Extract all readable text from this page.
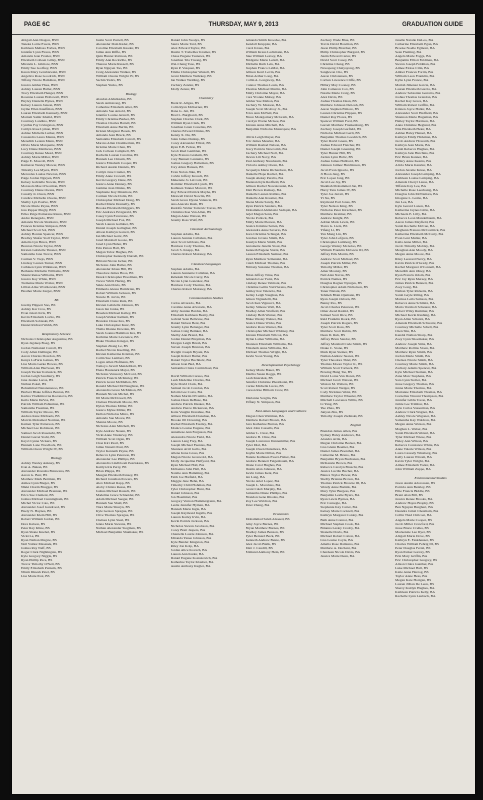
PAGE 6C	THURSDAY, MAY 9, 2013	GRADUATION GUIDE
Abigail Ann Dragon, BSN
Taneka Lottie Ewers, BSN
Kathleen Melissa Forbes, BSN
Jennifer Lynn Flores, BSN
Amanda Jean Frazier, BSN
Elizabeth Colleen Gilley, BSN
Miranda L. Gilmore, BSN
Emily Sue Godfrey, BSN
Karen Mary Golabiewski, BSN
Angelica Rose Goodrich, BSN
Tiffany Nicole Hamilton, BSN
Jessica Amber Hass, BSN
Ashley Lauren Haller, BSN
Tracy Elizabeth Hengel, BSN
Rosanne Lauren Hollowell, BSN
Hayley Danielle Hynes, BSN
Kelsey Lauren Janson, BSN
Jayme Ellen Kauffman, BSN
Lauren Elizabeth Kennedy, BSN
Mariam Samir Khalid, BSN
Courtney Landino, BSN
Cynthia Fay Livingston, BSN
Caitlyn Rose Lyman, BSN
Ashlee Michelle Luther, BSN
Cassandra Laura Manns, BSN
Meredith LeAnn Mann, BSN
Olivia Marie Marquette, BSN
Lucy Diane Matthews, BSN
Courtney Renee Mead, BSN
Ashley Marie Miller, BSN
Paige E. Moscoll, BSN
Kameron Wesley Mower, BSN
Timothy Lee Myers, BSN
Mercedes Louise Newton, BSN
Paige Jordan Nguyen, BSN
Kelsey Gabrielle Nowak, BSN
Morasola Mae O'Gorman, BSN
Courtney Diane Owens, BSN
Cassidy Jo Owen, BSN
Candice Michelle Owens, BSN
Shelby Lyn Paulve, BSN
Nicole Marie Payne, BSN
Jess Pepper Pingly, BSN
Erika Paige Pomerene Rauss, BSN
Andre Renegado, BSN
Amanda Nicole Shabiarra, BSN
Frances Kristine Simpson, BSN
Michael Scott Sol, BSN
Ashley Bonnie Spencer, BSN
Bradley Shafer Stoll Taylor, BSN
Amelia Lyn Bruce, BSN
Brenton Nicole Taylor, BSN
Kirsten Gabrielle Tinsner, BSN
Samantha Jane Trevor, BSN
Carmen V. Trejo, BSN
Lindsay Lauren Turner, BSN
Cathleen Lynn Wilkinson, BSN
Bethanie Michelle Williams, BSN
Shanté Renae Williams, BSN
Jessica Kay White, BSN
Tremaine Marie Wolter, BSN
Lillian Alise Wroblewski, BSN
Heather Marie Zerger, BSN

BS
Jeremy Hippert Sno, BS
Ashley Kar Cros, BS
Evan Jakob Kvis, BS
Kevin Elizabeth Lovito, BS
Elizabeth Sobieski, BS
Daniel Richard Wehh, BS

Respiratory Science
Nicholas Christopher Augustine, BS
Ryan Jagdeep Boag, BS
Jordan Nathaniel Carroll, BS
Cody Allen Dellinger, BS
Aaron Charles Dowdon, BS
Kenya LaFarie Gaines, BS
Lisa Maria Gerke Howes, BS
William Alan Hurlwaet, BS
Joseph Tucker Kobasick, BS
Jordan Leigh Saudlarry, BS
Jane Jeanne Lucas, BS
Nathan Pokal, BS
Bohammad Nanananesoo, BS
Herbert Blake Jeffries Benton, BS
Karina Vladimirovna Rozonova, BS
Keila Marie DeVos, BS
Patrick William Eshleman, BS
Samantha Freeman, BS
William Taylor Moore, BS
Andrea Irene Michaels, BS
Marvin Mohamed Norman, BS
Kamen Tyler Patterson, BS
Michael Lee Robinson, BS
Samuel Jacob Rosenaht, BS
Daniel Garret Stahl, BS
Kayci Lynne Vickers, BS
Hannah Lane Woodlock, BS
William Owen Wright IV, BS

Biology
Ashley Wesley Ankney, BS
Ivan A. Bakan, BS
Alexander Ravesha Balawana, BS
Aaron G. Barr, BS
Matthew Mark Bettman, BS
Aimee Lynn Bieger, BS
Nikki Charm Brugger, BS
Alexander Michael Brennan, BS
Erica Sue Clement, BS
Joshua Michael Cunningham, BS
Michel Victor Cato, BS
Alexander Josef Gandrood, BS
Haely N. Haynes, BS
Alexander Klein Hill, BS
Robert William Jordan, BS
Dora Kalson, BS
Peter Ray Kline, BS
Ryan Shane Knebel, BS
Vicki Le, BS
Ryan Nathan Magaw, BS
Neil Valdez Masanek, BS
Joshua Ray Neff, BS
Roger Clark Nightingale, BS
Kyle Gregory Niggle, BS
Ryan Phillip Pace, BS
Trevor Timothy O'Neil, BS
Emily Elizabeth Putnam, BS
Nilam Dinesh Patel, BS
Lisa Marie Post, BS
Justin Scott Purtell, BS
Alexander Dain Rader, BS
Caroline Elizabeth Reader, BS
Jamie Ann Riffle, BS
Quin Hunter Robison, BS
Emily Ann Rockville, BS
Theresa Marie Russell, BS
Ryan Nguyen Tao, BS
Craig Alexander Walker, BS
William Owens Wright IV, BS
Sachin Yadav, BS
Stephen Yurko, BS

Biology
Alasdan Abdulkadua, BS
Sarah Armstrong, BS
Catherine Elizabeth Alter, BS
Amanda Sue Arnold, BS
Jennifer Louise Avarell, BS
Emily Christine Barker, BS
Thomas Charles Bartell, BS
Elizabeth Anne Berlin, BS
Kristen Margaret Bosek, BS
Amanda Jean Bruck, BS
Samantha Elizabeth Carroll, BS
Marcus Allen Chamberlain, BS
Kristine Marie Chen, BS
Jack Colleen Campbell, BS
Rachelle Lauren Caroline, BS
Hannah Lee Chisam, BS
Jessica Elizabeth Cooper, BS
Richard Austin Daniels, BS
Caitlyn Jane Cramer, BS
Emily Anne Crowell, BS
Kevin Gregory Dane, BS
Jessica Anne Denney, BS
Jasmine Jean Dinius, BS
Stephanie Kay Dinsmore, BS
Carmen Nicole Dolin, BS
Christopher Michael Dong, BS
Rachel Marie Donnelly, BS
Brooke Elizabeth Driggers, BS
Eric Andrews Ertzgerald, BS
Casey Lynn Everstone, BS
Joseph Michael Fox, BS
Sarah Lauren Gallaher, BS
Daniel Joseph Gallagher, BS
Alison Kathryn Garrett, BS
Ian Michael Gertz, BS
Jared Marshall Gooze, BS
Jared Lynn Huber, BS
Erin Patton Hall, BS
Megan Tabor Hughes, BS
Christopher Kennedy Durrell, BS
Brittani Nicole Ischer, BS
Nicholas John Haller, BS
Alexander Klaus Hill, BS
Theodore James Hoos, BS
Derek Christopher Hoodman, BS
Trevor Wirth Hering, BS
Sakie Ann Davis, BS
Emmeria Alessa Hambrian, BS
Robert William Jackson, BS
Nancie H. Jervis, BS
Elizabeth Claire Ruiz, BS
Kirsten Gabrielle Johnson, BS
Jason Ian Jonke, BS
Braeden Michael Kelley, BS
Joseph Walker Kellum, BS
Brandon Chase Kra, BS
Luke Christopher Kurz, BS
Thalia Dianne Dowden, BS
Sarah Joanna Hamilton Kra, BS
Kathrine Marie Lawrence, BS
Blake Thomas Krieger, BS
Stephen Zhang Le, BS
Rachel Nicole Kuelling, BS
Kirsten Katherine Kristian, BS
Catlin Sue Lambert, BS
Logan Allen Hofmann, BS
Tomoyo Jarvell Mendelblatt, BS
Elena Haunsterk Major, BS
Nicholas Vanwerry McCord, BS
Patrick Francis McKinley, BS
Patrick Grant McMullen, BS
Ronald Michael McNaughton, BS
Alexandra Grace McMahon, BS
Hannah Nicole Michel, BS
Jill Marie McDowell, BS
Chelsea Elizabeth Moore, BS
Dylan Thomas Miller, BS
Jessica Mylee Miller, BS
Dellon Nicholas Mirro, BS
Amanda Sue Moore, BS
Shanna Moore, BS
Nicholas Alan Mitchell, BS
Kyle Andrew Neuen, BS
Vicki Anne Vinderwy, BS
William Scott Ogan, BS
Chaz Kirt Pearl, BS
Jamie Nanetti Paul, BS
Taylor Kenneth Payne, BS
Rebecca Lynn Peterson, BS
Alexander Lee Phillips, BS
Alexandra Lindbloom Peariskass, BS
Kaitlyn Iris Perry, BS
Brian Phipps, BS
Meagan Elizabeth Pansey, BS
Richard Jonathan Powers, BS
Alex Michael Rapp, BS
Aloby Christa Reese, BS
Joshua Michael Rausch, BS
Madeline Grace Schneider, BS
Adam Michael Seeger, BS
Hannah Sue Shull, BS
Tiara Marie Shuryn, BS
Kyle Gerson Sprague, BS
Clive Thomas Sprague, BS
Chelsea Lynn Steel, BS
Jenna Marie Stevens, BS
Nathan Alexander Stegman, BS
Michael Benjamin Shumaker, BS
Daniel John Swaiya, BS
Sierra Marie Tard, BS
Alex Edward Taylor, BS
Dustin T. Trebelhor Kramer, BS
Chase Eugene Tsunawa, BS
Jonathan Tria Truong, BS
Wei-Cheng Tsao, BS
Ryan P. Vasquez, BS
Emma Christopher Wastell, BS
Grant Matthew Wehrkey, BS
Ian Walker Welding, BS
Zachary Zender, BS
Molly Zetzer, BS

Chemistry
Brent R. Allgau, BS
Colin Ryan McKerner, BS
Dane G. Jett, BS
Brad L. Burghardt, BS
Stephen Charles Clark, BS
William Ryan Clark, BS
Jonathan Grant Conelias, BS
Charles Edward Dinius, BS
Kenny X. Du, BS
Jalen James Dunlap, BS
Corey Alexander Elliott, BS
Ryan E.B. Felton, BS
Jacob Ried Gamblen, BS
Kyle Frances Graham, BS
Cary Bennett Lannutta, BS
Joshua Gregory Halteman, BS
Tory Allen Hansen, BS
Evan Nolan Jlike, BS
Calvin Jeffery Krouch, BS
Makenzie Jo LaCroix, BS
Dominic Elizabeth Lynch, BS
Kathleen Tanner Marcott, BS
Roy Edward Patrick Mayhe, BS
Maxwell David Nowlin, BS
Sarah Grace Dyana Valencia, BS
Ana Anacela Rush, BS
Rudolfo Walter Tomovic Torres, BS
Christina Kae Van Allen, BS
Megan Anne Watson, BS
Jeremy Ross Wulf, BS

Classical Archaeology
Stephen Adams, BA
Lauren Jeannie Callahan, BA
Alex Scott Gibbons, BA
Harrison Cody Thomas, BA
Jacob S. Knapp, BA
Charles Robert Maloney, BA

Classical Languages
Stephen Adams, BA
Lauren Jeannette Callahan, BA
Rebekah Nicole Curry, BA
Nicole Lynn Gonzalez, BA
Harrison Cody Thomas, BA
Charles Robert Maloney, BA

Communication Studies
Carlos Alvarado, BA
Caroline Anne Alvarado, BA
Abby Jeannie Bardus, BA
Elizabeth Kathleen Beatty, BA
Gabriel Sean Bellevue, BA
Daniel Nelson Bent, BA
Jeremy Lynn Belanger, BA
Joshua Craig Bemker, BA
Shelby Ann Brand, BA
Jordan Daniel Brayman, BA
Morgan Leigh Brush, BA
Steven Joseph Brunton, BA
Dwight Joseph Bryant, BA
Joseph Robert Butler, BA
Daniel Taylor Buchholz, BA
Alison Jean Bud, BA
Samantha Claire Carmichael, BA

David William Caruso, BA
Leah Madeline Charles, BA
Kyle David Clark, BA
Samuel Jacob Condon, BA
Kristin Lee Costa, BA
Nathan Martin D'Camilo, BA
Joshua Dean DeBuse, BA
Andrew Patrick Dusker, BA
Andrew Pierce Dickerson, BA
Katie Vaughn Donahue, BA
Allison Elizabeth Donahue, BA
Brooke Jill Downing, BA
Rachel Elizabeth Eastley, BA
Monica Louise Eugene, BA
Annaliese Ann Ferguson, BA
Alexandra Nicole Field, BA
Lauren Lang Frey, BA
Joseph Michael Fuentes, BA
Shannon Avril Gallo, BA
Allena Irene Gross, BA
Megan Nicole Gronwold, BA
Molly Jacqueline Halfyard, BA
Ryan Michael Hall, BA
McKenna John Hall, BA
Natalie Ann Hamming, BA
Faith Joe Hatfield, BA
Maggie Jane Hehn, BA
Timothy Child Hohman, BA
Tyler Christopher Hunt, BA
Daniel Johnson, BA
Jon Hoemmel, BA
Gregory Vernon Hammergrenn, BA
Leslie Jennifer Hyman, BA
Hannah Marie Ingle, BA
Joseph Raymond Ingalls, BA
Lauren Karley Irvin, BA
Kevin Patrick Jackson, BA
Nicholas Steven Jacobson, BA
Corey Brett Jaspers, BA
Chantelle Laurie Johnson, BA
Miranda Yanee Johnson, BA
Kyle Bender Kingston, BA
Riley Jon Kolp, BA
Jordan Alice Kovach, BA
Lauren Ann Kuder, BA
Daniel Eugene Kostukovich, BA
Katherine Taylor Klauber, BA
Austin Anthony Kugler, BA
Amanda Smith Kroecke, BA
Kendall Kruppler, BA
Carol Kraus, BA
William Kraus Lachmann, BA
Jake William Leavey, BA
Bridgette Marie Ledell, BA
Michelle Ruth Leis, BA
Stephen Franco LeMat, BA
Allison Kerri Levin, BA
Brian Arthur Long, BA
Collin A. Longsway, BA
Connor Thomas Louis, BA
Thomas Michael Martin, BA
Emily Christine Mayer, BA
Cara Yvonne Mabey, BA
Amber Sue Mahon, BA
Zachary W. Maxson, BA
Joseph Scott McAvoy Jr., BA
Erica Ann McNeil, BA
Bruce Montgomery McGrath, BA
Carolyn Worne McGee, BA
Kirsten Anna Mitchell, BA
Benjamin Nicholas Muterspaw, BA

Olivia Leigh Meyer, BA
Eric James Meszler, BA
William Rashad Nelson, BA
Stacy Patricia Newcomb, BA
Zachary Michael Noll, BA
Devan Lili Novy, BA
Paul Anthony Nussbaum, BA
Victoria Ashley Owen, BA
Jacquelyn Marie Richardson, BA
Danielle Hope Rachel, BA
Joseph Aleksy Peralta, BA
Brennan Kyle Redfield, BA
Allison Rachel Nowakowski, BA
Matt Brown Ramsey, BA
Danielle Lauren Rollins, BA
Danielle Ann Rossiter, BA
Shena Marie Sandy, BA
Ryan Patrick Sanders, BA
Mohammed Abdulaziz Sadiqah, BA
Arjel Megan Senn, BA
Nicole Pollock, BA
Emily Marie Pierson, BA
Jessica Kristine Setten, BA
Alexandra Anne Saverio, BA
Kara Christina Schlegel, BA
Sondrea Jovana Smith, BA
Katelyn Marie Smith, BA
Antoinette Janelle Stout, BA
Kenneth Eugene Sturtz, BA
Lauren Elizabeth Sumner, BA
Ryan Matthew Szmanski, BA
Caleb Michael Thomas, BA
Brittany Suzanne Thomas, BA

Brian Jeffrey Trine, BA
Amanda Lee Twist, BA
Lindsay Renee Valmont, BA
Christine Gelila VanVlerena, BA
Ashley Kar Valencia, BA
Kelley Leigh Vaughan, BA
Alison Vignudelli, BA
Jacob Ken Vignucci, BA
Kelley Simone Wall, BA
Bradley Allen Warfield, BA
Lindsay Beth Warner, BA
Blake Wesley Weiner, BA
Jessica Diane Wicks, BA
Andrew Ross Werner, BA
Christopher Michael Whitney, BA
Kirsten Elizabeth Wilcox, BA
Dylan Lamar Williams, BA
Shannon Elizabeth Williams, BA
Elizabeth Anna Williams, BA
Michael Thomas Wright, BA
Kevin Soon Young, BA

Developmental Psychology
Kelsey Marie Bauer, BS
Martha Susan Rogge, BS
Leah Knarulek, BS
Jennifer Christine Pheabloski, BS
Carlee Michelle Lucas, BS
Carson Rae Hilliom Crow, BS

Marianna Scaglia, BA
Tiffany N. Simpson, BA

East Asian Languages and Cultures
Megan Chen Wattman, BA
Matthew Robert Brown, BA
Sara Katharine Burton, BA
Alex John Cassells, BA
Amber L. Clear, BA
Andrew B. Cline, BA
Joseph Lawrence Dannemiller, BA
Tyler Dial, BA
Joseph Owen Dunsmore, BA
Kaylin Marie Dillon, BA
Bonnie Kathleen Ewert-Fisher, BA
Andrew Bennett Feigenbaum, BA
Diane Carol Hughes, BA
Dustin Alan Johnson, BA
Kevin James Kent, BA
Ian Lang, BA
Nicole Ariel Lopez, BA
Joseph L. Macaluso, BA
Grant Caleb Murphy, BA
Samantha Diane Phillips, BA
Brandon Gene Rhodes, BA
Roy Lee Waldron, BA
Peter Zhang, BA

Economics
Mohammad Saleh Alsaeed, BS
Amy Joyce Barnes, BS
Bryan Matthew Barnes, BS
Bradley James Benson, BS
Tyler Bernard Beck, BS
Kenneth Andrew Beute, BS
Alex Jacob Bialk, BS
Matt J. Caudill, BS
Edmund Anthony Hein, BS
Zachary Wade Blue, BS
Travis David Bowman, BS
Jason Philip Bratcher, BS
Philip Christopher Burgard, BS
Justin Edward Carter, BS
David Scott Casey, BS
Christine Chang, BS
Nawapong Chaiyayong, BS
Sangkwon Cho, BS
Aaron Christensen, BS
Corban Lawrence Cliffe, BS
Hillary May Cooney, BS
John Cameron Cox, BS
Natalie Marie Craig, BS
Alex Davis, BS
Joshua Thomas Dean, BS
Matthew Johnson DeLosh, BS
Aaron Stephen Elmore, BS
Lauren Christine Flippen, BS
Daniel Ray Flores, BS
Spencer William Ford, BS
Garrett Matthew Frankenburg, BS
Zachary Joseph Garfield, BS
Nicholas Michael Gerli, BS
Benjamin Thomas Goodrich, BS
Tyler David Green, BS
Joshua Edward Fletcher, BS
Daniel Joseph Greening, BS
Tyler Hunter Hill, BS
Jordan Lynn Holtz, BS
Joshua James Hubbard, BS
Johnson Jaimez Hutchinson, BS
Jacob Evan Ignacio, BS
Ji Hoon Jang, BS
Eric Lopez Jang, BS
Jacob Lee Jay, BS
Shekhah Mohammed Jan, BS
Harry Tutu James IV, BS
Tyler Joe Jarrett, BS
Yi Xu, BS
Raymond Earl Jones, BS
Tyler Nelson King, BS
Nicholas Peter Kirschner, BS
Matthew Kraimer, BS
Andrew Knight, BS
Adrian Mark Lewis, BS
Tiarra G. Lietz, BS
Yifeng Li, BS
Yan Mang Lin, BS
Tyler John Lofgren, BS
Christopher Lumberg, BS
George Wesley McAdoo, BS
William Franklin McGrew III, BS
Jeffrey Erik Martin, BS
Andrew Scott Michael, BS
Joseph Patrick Miller, BS
Timothy Miller, BS
Amar Moanzy, BS
Neil Alan Navas, BS
Patrick Nemes, BS
Douglas Ragnar Nyerges, BS
Christopher Adam Nicholson, BS
Taner Nistani, BS
Tehmeh Blain Ojemann, BS
Ryan Joseph Osborn, BS
Benny Pao, BS
Jacob Charles Peterson, BS
Omar Awad Rashid, BS
Samuel Scott Rice, BS
Reid Franklin Roark, BS
Joseph Patrick Rogers, BS
Tyler Scott Ross, BS
Matthew Scott Rubin, BS
Dean D. Ruh, BS
Jeffrey Brien Sandor, BS
Jeffrey Marshall Cade Smith, BS
Drake C. Stone, BS
Mark Ryan Steiner, BS
Nathan Andrew Suarez, BS
Tyler Theodore Thiel, BS
Thomas Moore Taylor Jr., BS
William Scott Torbeck, BS
Bowing Hung Tse, BS
David Lorne Van Doren, BS
Michael Jacob Watson, BS
Weston M. Walters, BS
Scott Robert Weiger, BS
Cody Nicklaus Weist, BS
Matthew Taylor Wheeler, BS
Mitchell Lawrence Willis, BS
Li Yang, BS
Yue Zhao, BS
Junyan Zhu, BS
Timothy Joseph Zielinski, BS

English
Brendan James Allen, BA
Sydney Haley Andrews, BA
Alondra Avila, BA
Megan Christine Becker, BA
Lisa Glenn Beemer, BA
Daniel James Boenthal, BA
Catherine M. Bruno, BA
Benjamin Bryan Buchanan, BA
McKenzie Brown, BA
Rebecca Carolyn Bruschi, BA
Jessica Lucille Bucher, BA
Bianca Taylor Bower, BA
Shelby Brianne Brown, BA
Thomas Patrick Browne III, BA
Wendy Anne Budzik, BA
Mary Tyler Burgess, BA
Benjamin Leslie Byers, BA
Ryan Lewis Byrnes, BA
Eric Carnegie, BA
Stephanie Kay Carter, BA
Kelsey Marie Cockrell, BA
Kathryn Margaret Conley, BA
Beth Anne Connor, BA
Michael Stephen Cook, BA
Brianna Lesley Crosby, BA
Shanelle Davis, BA
Michael Robert Cotton, BA
Lisa Louise Coyle, BA
Amalia Rose Damiano, BA
Matthew A. Dechant, BA
Chardeen Nicole Davis, BA
Jessica Marie Dean, BA
Janelle Natalie DeLeo, BA
Catherine Elizabeth Egan, BA
Brooke Noelle Egmont, BA
Sean Fleming, BA
Angela Marie Foggs, BA
Benjamin Elliott Feldman, BA
Steven Joseph Feldman, BA
Aimee Eloise Cilin, BA
Amber Frances Fortin, BA
William Leon Franklin, BA
Kylie Lynn France, BA
Mariah Jimenez Garcia, BA
Lauren Elizabeth Garcia, BA
Andrew Sebastian Gerretta, BA
Joshua Thomas Grandon, BA
Rachel Kay Grace, BA
William Robert Griffin, BA
Kristen Joyce Haller, BA
Alexander Scott Hadfield, BA
Shannon Marie Hageman, BA
Hailey Taylor Harrison, BA
Anna Christine Hegland, BA
Nita Elizabeth Heier, BA
Ashlee Haley Hensel, BA
Kathryn Emily Hickman, BA
Jacob Andrew Howarth, BA
Kathryn Jean Marie, BA
Sarah Rebecca Hughes, BA
Kathryn Jade Hutchins, BA
Eric Brian Kanner, BA
Hillary Anne Kearns, BA
Alicia Marie Kanzler, BA
Jordan Jerome Kruse, BA
Alexander Joseph Lamping, BA
Kathleen Louise Lamping, BA
Amanda Cheryl Lausa, BA
Tiffanie Kay Lee, BA
Michelle Rose Leerhonig, BA
Douglas John McNamara, BA
Imogene L. Leslie, BA
Jun Lee, BA
Kyle Gerard Lonon, BA
Katherine Jaynes Little, BA
Michaela E. Lilly, BA
Rebecca Leon Mandelbaum, BA
Aaron James Mayfield, BA
Sarah Rochelle McCue, BA
Meghann Frances McCormick, BA
Katherine Elizabeth McCarty, BA
Evan Lent Muller, BA
Kaila Anne Miller, BA
Jacob Timothy Mobley, BA
Meaghan Ann Moody, BA
Megan Anne Moore, BA
Riley Leonard Nervy, BA
Kevin Patrick O'Grady, BA
Rachel Margaret O'Connell, BA
Meredith Ann Olney, BA
Ryan Francis Odom, BA
Eric Jay Ryan Mersey, BA
James Patrick Bennett, BA
Zoey Long, BA
Nathan Tyler Ricketts, BA
Sarah Gayle Riling, BA
Marissa Leila Samson, BA
Rebecca Anne Schmitz, BA
Maria Vornholt Scheurer, BA
Robert Wiley Rummer, BA
Michael Kevin Rushing, BA
Ryan Allan Schantz, BA
Amanda Elizabeth Schwartz, BA
Courtney Michelle Schell, BA
Chen Shu, BA
Kendal Nathan Sharp, BA
Zoey Lynn Shoemaker, BA
Andrew Joseph Sims, BA
Matthew Rollins Sloan, BA
Matthew Ryan Smith, BA
Jordan Marie Smith, BA
Chelsea Nicole Smith, BA
Courtney Marie Smith, BA
Zachary Adams Spencer, BA
Kyle Michael Stemen, BA
Zane Marc Stephens, BA
Sara Lynn Stoller, BA
Jesse Gregory Thomas, BA
Jenna Marie Thomas, BA
Marianne Elizabeth Thomas, BA
Cornelius Vincent Thompson, BA
Jennifer Gibbs Toron, BA
Jamie Lee Trimbur, BA
Kyle Carlos Vasserman, BA
Andrew Clark Wagner, BA
Ashley Nicole Wagoner, BA
Samantha Kay Waldron, BA
Megan Anne Watson, BA
Maghan L. Weber, BA
Sarah Elizabeth Wetzel, BA
Tyler Michael Wiese, BA
Haley Ann Wilson, BA
Rebecca Constance White, BA
Anne Valerie Wilson, BA
Laura Cassady Winsberg, BA
Kelly Lauren Wixom, BA
Kevin Tyler Wright, BA
Aimee Elizabeth Yoder, BA
John William Zuppe, BA

Environmental Studies
Jason Austin Adorossan, BS
Patricia Ann Bentley, BS
Ellie Francis Biddle, BS
Brent Alan Bill, BS
Jessica Renee Brooks, BA
Andrew Hayes Brophy, BS
Ben Nguyen Burghert, BA
Deandre Jamal Cheatham, BA
Collin Thad Chilcoat, BA
Angela Marie Cooper, BS
Jacob Miller Crawford, BA
Jesse Bruce Cvelka, BS
Mackenzie Lee Dyer, BS
Abigail Marie Dove, BS
Kathryn E. Fankhauser, BS
Charles William Fehrig III, BS
Peter Douglas Fertal, BS
Ryan Parker Garvey, BS
Erin Mary Griffin, BA
Eric Christopher Gregory, BS
Alison Claire Gunther, BA
Luke Michael Hall, BS
Katie Anne Herzog, BS
Taylor Anne Hess, BA
Megan Kate Horigan, BS
Lauren Jillian De Leon, BS
Sherry Kaitlyn Hughes, BA
Kathleen Patricia Kelly, BA
Rachelle Lynn Laubach, BA
